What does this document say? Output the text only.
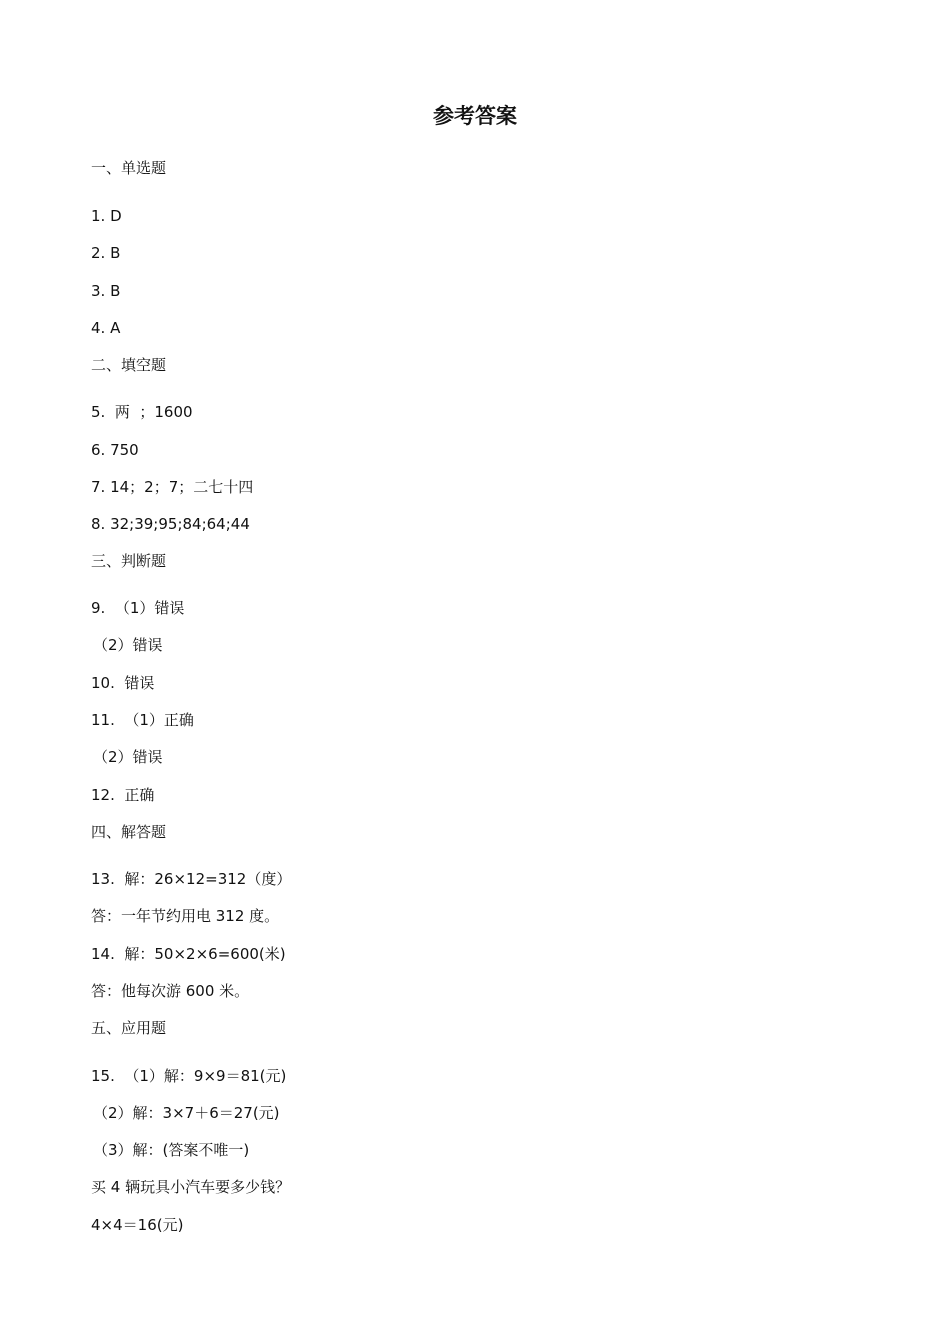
参考答案
一、单选题
1. D
2. B
3. B
4. A
二、填空题
5.  两  ；1600
6. 750
7. 14；2；7；二七十四
8. 32;39;95;84;64;44
三、判断题
9.  （1）错误
（2）错误
10.  错误
11.  （1）正确
（2）错误
12.  正确
四、解答题
13.  解：26×12=312（度）
答：一年节约用电 312 度。
14.  解：50×2×6=600(米)
答：他每次游 600 米。
五、应用题
15.  （1）解：9×9＝81(元)
（2）解：3×7＋6＝27(元)
（3）解：(答案不唯一)
买 4 辆玩具小汽车要多少钱？
4×4＝16(元)
